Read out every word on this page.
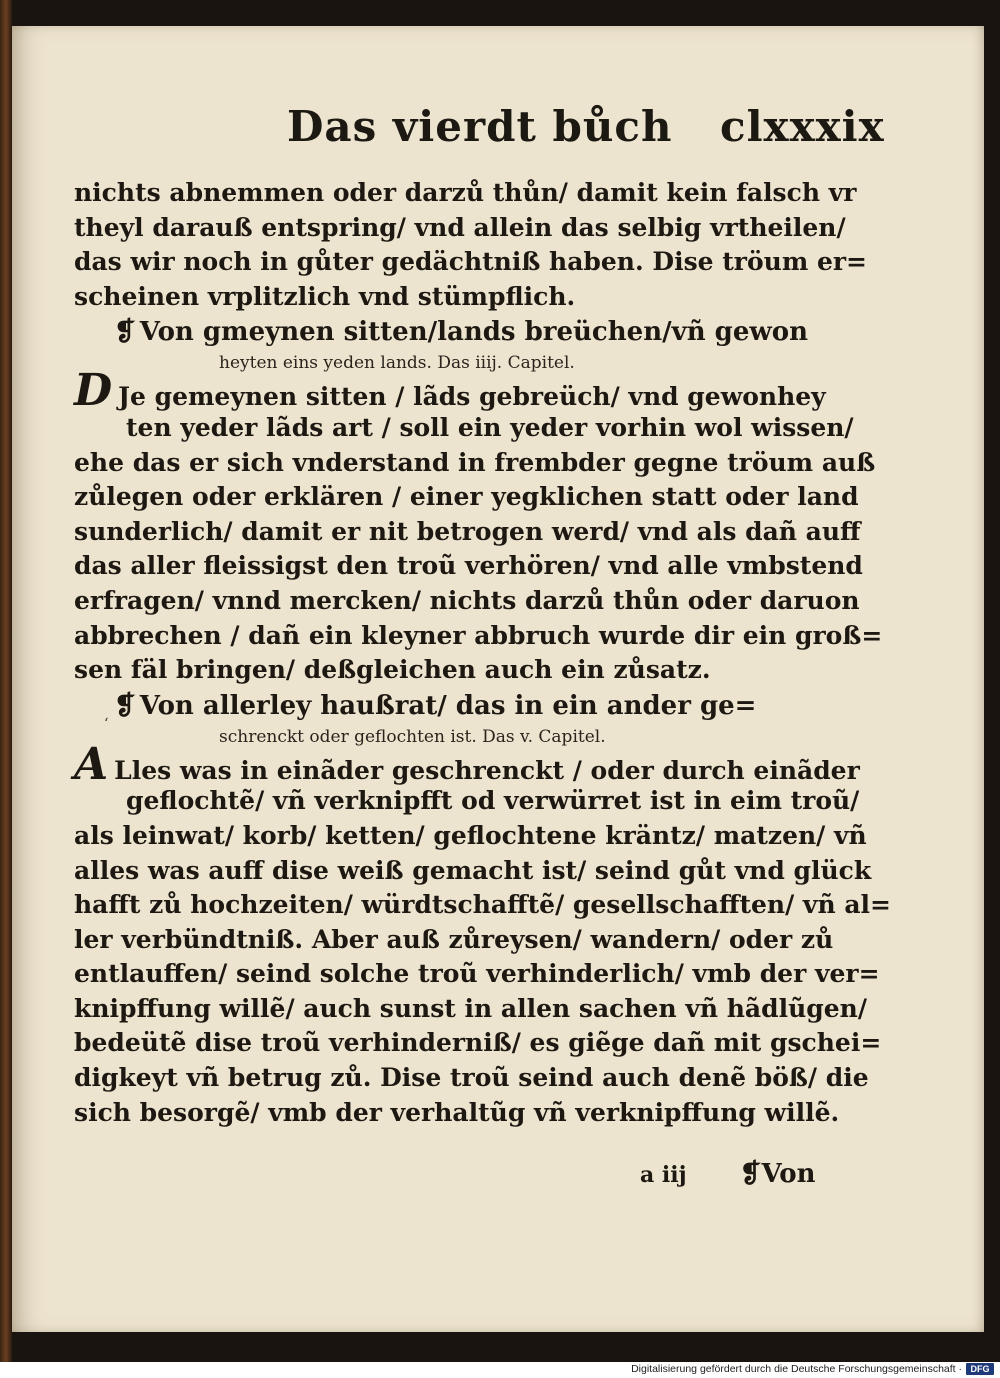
Das vierdt bůch clxxxix
‘
nichts abnemmen oder darzů thůn/ damit kein falsch vr
theyl darauß entspring/ vnd allein das selbig vrtheilen/
das wir noch in gůter gedächtniß haben. Dise tröum er=
scheinen vrplitzlich vnd stümpflich.
❡ Von gmeynen sitten/lands breüchen/vñ gewon
heyten eins yeden lands. Das iiij. Capitel.
D Je gemeynen sitten / lãds gebreüch/ vnd gewonhey
ten yeder lãds art / soll ein yeder vorhin wol wissen/
ehe das er sich vnderstand in frembder gegne tröum auß
zůlegen oder erklären / einer yegklichen statt oder land
sunderlich/ damit er nit betrogen werd/ vnd als dañ auff
das aller fleissigst den troũ verhören/ vnd alle vmbstend
erfragen/ vnnd mercken/ nichts darzů thůn oder daruon
abbrechen / dañ ein kleyner abbruch wurde dir ein groß=
sen fäl bringen/ deßgleichen auch ein zůsatz.
❡ Von allerley haußrat/ das in ein ander ge=
schrenckt oder geflochten ist. Das v. Capitel.
A Lles was in einãder geschrenckt / oder durch einãder
geflochtẽ/ vñ verknipfft od verwürret ist in eim troũ/
als leinwat/ korb/ ketten/ geflochtene kräntz/ matzen/ vñ
alles was auff dise weiß gemacht ist/ seind gůt vnd glück
hafft zů hochzeiten/ würdtschafftẽ/ gesellschafften/ vñ al=
ler verbündtniß. Aber auß zůreysen/ wandern/ oder zů
entlauffen/ seind solche troũ verhinderlich/ vmb der ver=
knipffung willẽ/ auch sunst in allen sachen vñ hãdlũgen/
bedeütẽ dise troũ verhinderniß/ es giẽge dañ mit gschei=
digkeyt vñ betrug zů. Dise troũ seind auch denẽ böß/ die
sich besorgẽ/ vmb der verhaltũg vñ verknipffung willẽ.
a iij ❡Von
Digitalisierung gefördert durch die Deutsche Forschungsgemeinschaft · DFG
